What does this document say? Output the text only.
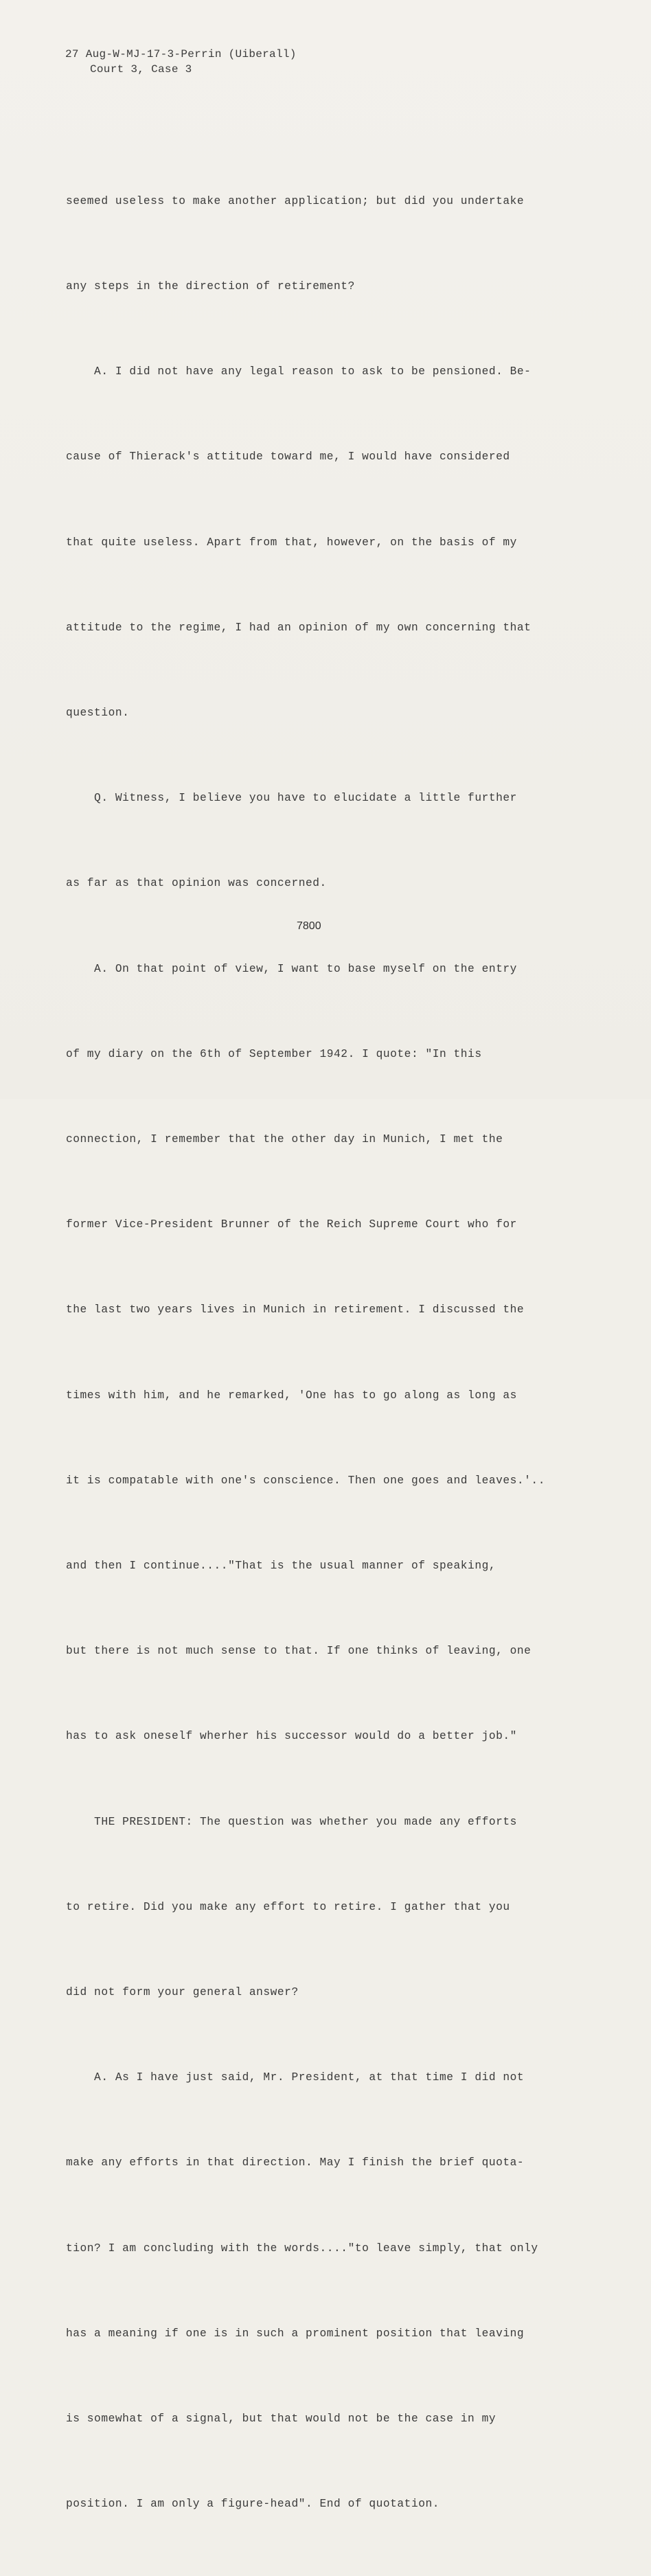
27 Aug-W-MJ-17-3-Perrin (Uiberall)
Court 3, Case 3

seemed useless to make another application; but did you undertake

any steps in the direction of retirement?

A. I did not have any legal reason to ask to be pensioned. Be-

cause of Thierack's attitude toward me, I would have considered

that quite useless. Apart from that, however, on the basis of my

attitude to the regime, I had an opinion of my own concerning that

question.

Q. Witness, I believe you have to elucidate a little further

as far as that opinion was concerned.

A. On that point of view, I want to base myself on the entry

of my diary on the 6th of September 1942. I quote: "In this

connection, I remember that the other day in Munich, I met the

former Vice-President Brunner of the Reich Supreme Court who for

the last two years lives in Munich in retirement. I discussed the

times with him, and he remarked, 'One has to go along as long as

it is compatable with one's conscience. Then one goes and leaves.'..

and then I continue...."That is the usual manner of speaking,

but there is not much sense to that. If one thinks of leaving, one

has to ask oneself wherher his successor would do a better job."

THE PRESIDENT: The question was whether you made any efforts

to retire. Did you make any effort to retire. I gather that you

did not form your general answer?

A. As I have just said, Mr. President, at that time I did not

make any efforts in that direction. May I finish the brief quota-

tion? I am concluding with the words...."to leave simply, that only

has a meaning if one is in such a prominent position that leaving

is somewhat of a signal, but that would not be the case in my

position. I am only a figure-head". End of quotation.

7800
